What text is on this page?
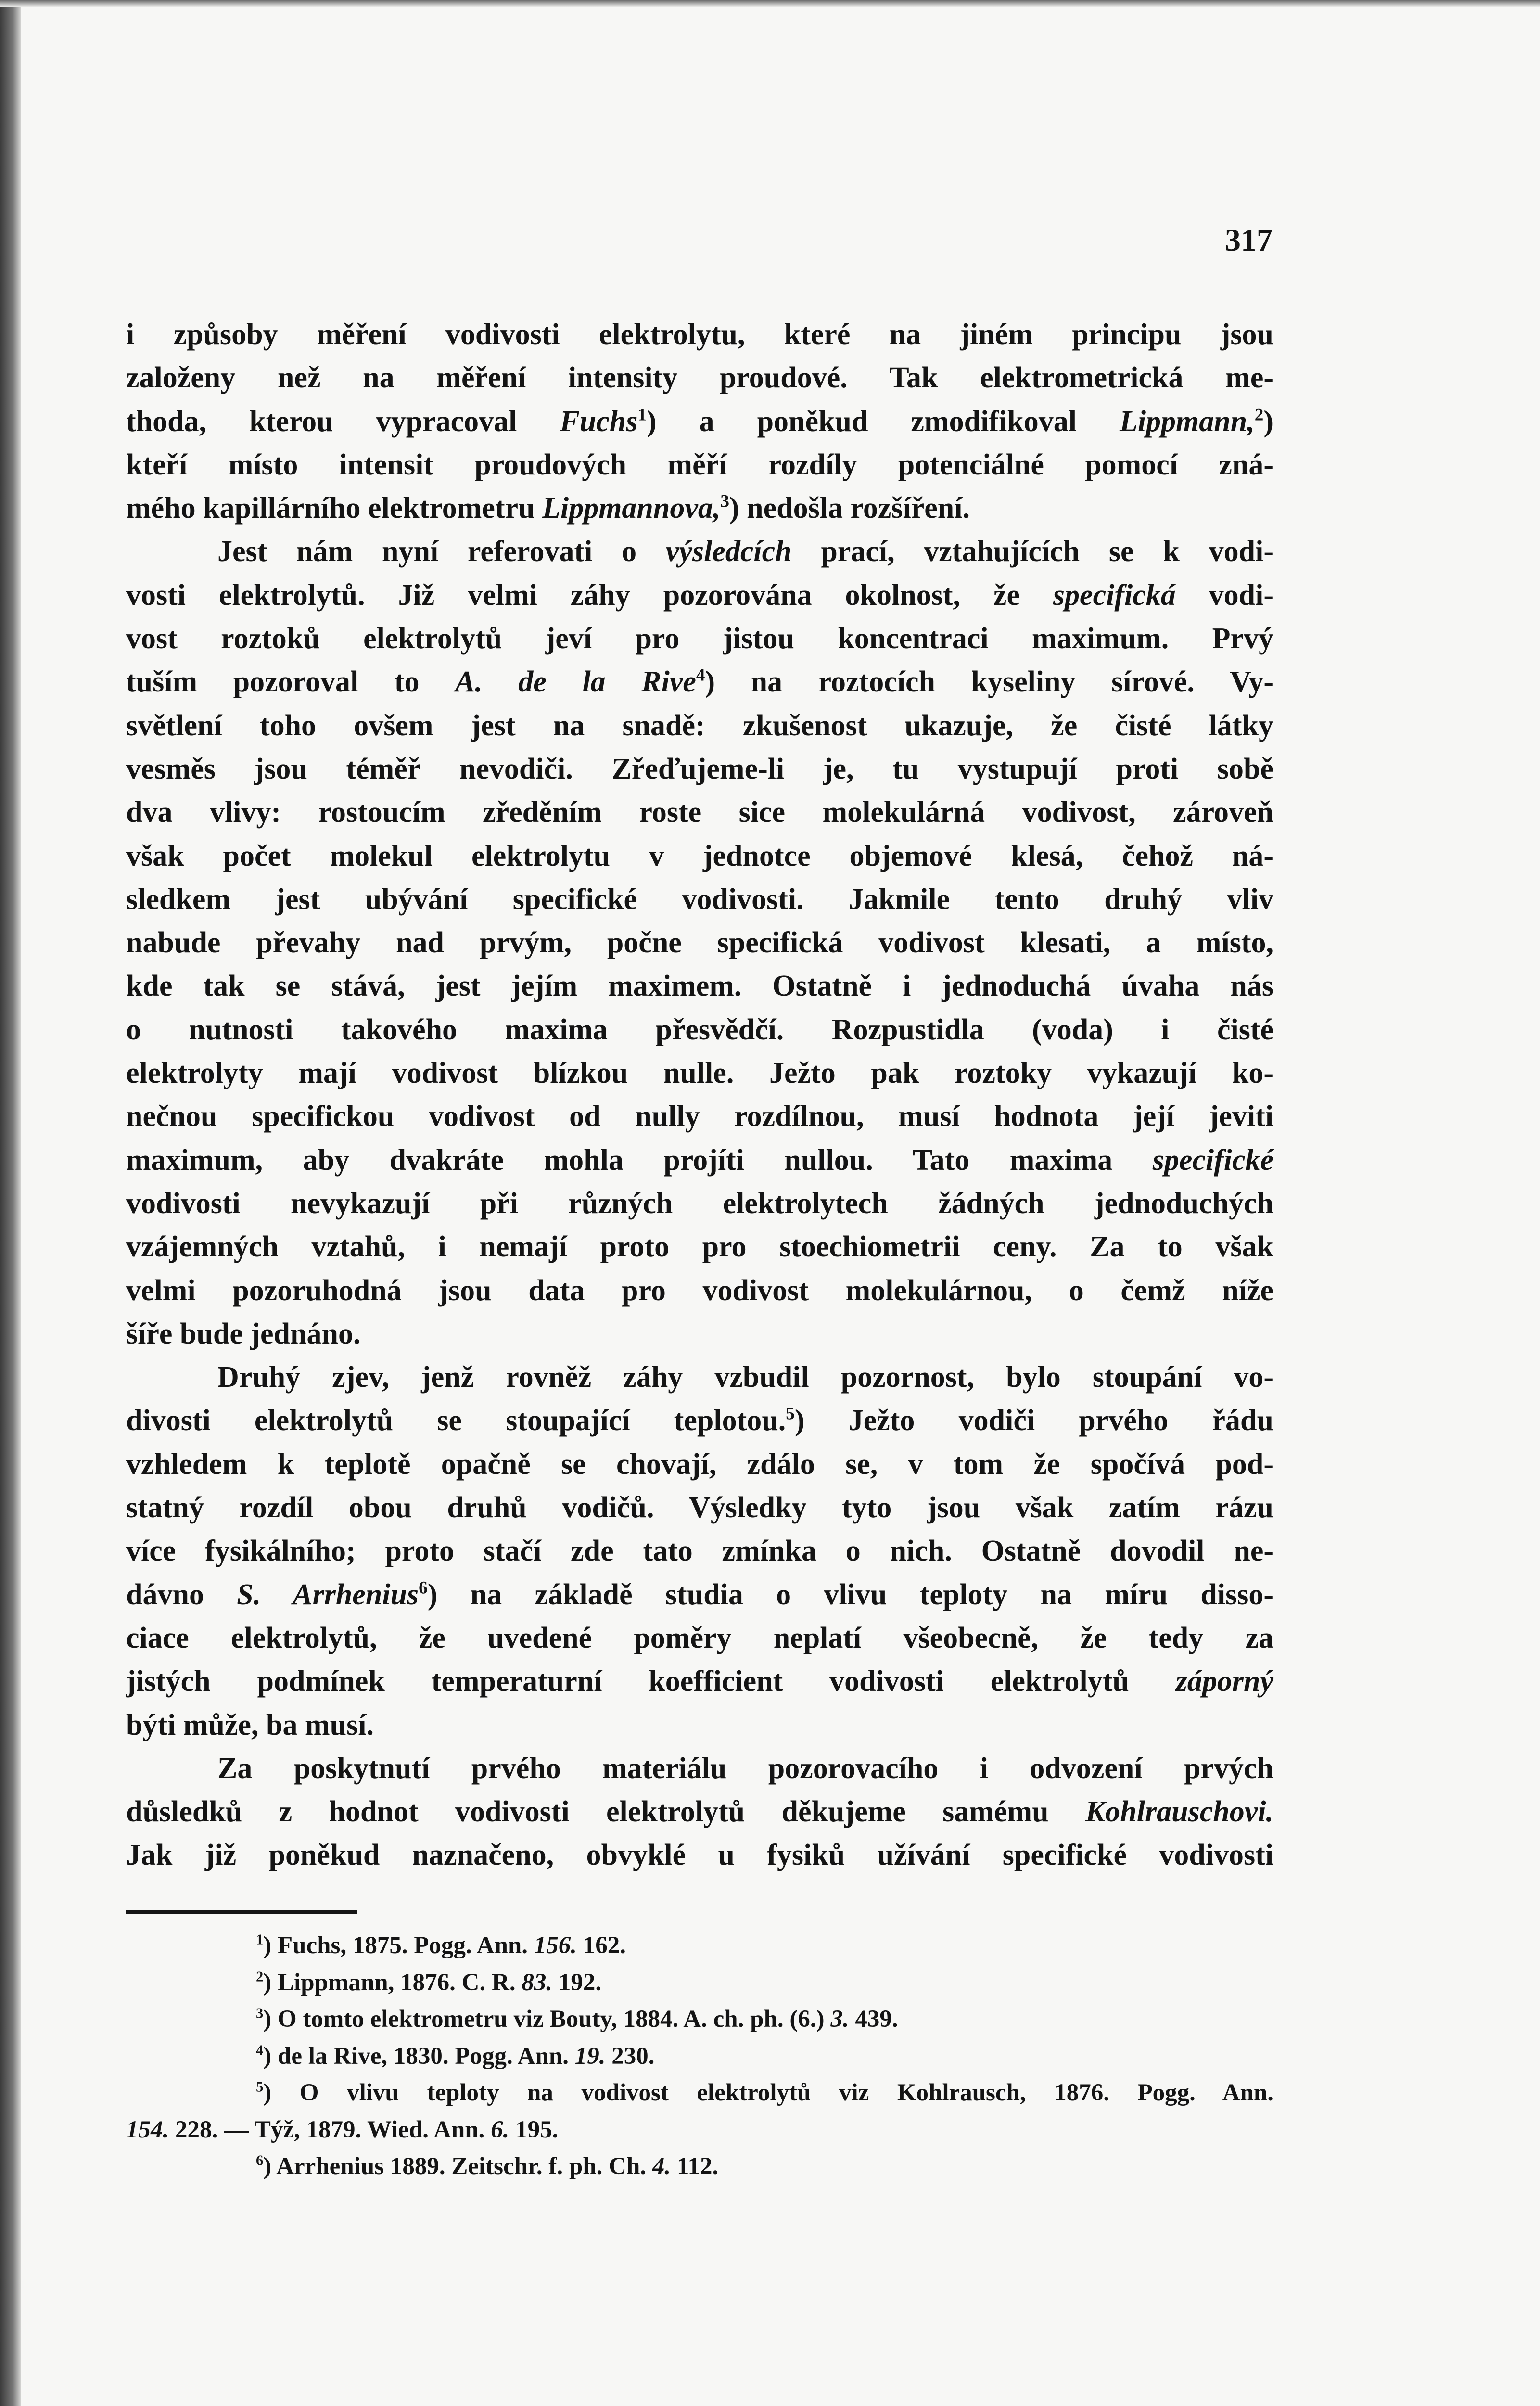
317
i způsoby měření vodivosti elektrolytu, které na jiném principu jsou
založeny než na měření intensity proudové. Tak elektrometrická me-
thoda, kterou vypracoval Fuchs$^1$) a poněkud zmodifikoval Lippmann,$^2$)
kteří místo intensit proudových měří rozdíly potenciálné pomocí zná-
mého kapillárního elektrometru Lippmannova,$^3$) nedošla rozšíření.
Jest nám nyní referovati o výsledcích prací, vztahujících se k vodi-
vosti elektrolytů. Již velmi záhy pozorována okolnost, že specifická vodi-
vost roztoků elektrolytů jeví pro jistou koncentraci maximum. Prvý
tuším pozoroval to A. de la Rive$^4$) na roztocích kyseliny sírové. Vy-
světlení toho ovšem jest na snadě: zkušenost ukazuje, že čisté látky
vesměs jsou téměř nevodiči. Zřeďujeme-li je, tu vystupují proti sobě
dva vlivy: rostoucím zředěním roste sice molekulárná vodivost, zároveň
však počet molekul elektrolytu v jednotce objemové klesá, čehož ná-
sledkem jest ubývání specifické vodivosti. Jakmile tento druhý vliv
nabude převahy nad prvým, počne specifická vodivost klesati, a místo,
kde tak se stává, jest jejím maximem. Ostatně i jednoduchá úvaha nás
o nutnosti takového maxima přesvědčí. Rozpustidla (voda) i čisté
elektrolyty mají vodivost blízkou nulle. Ježto pak roztoky vykazují ko-
nečnou specifickou vodivost od nully rozdílnou, musí hodnota její jeviti
maximum, aby dvakráte mohla projíti nullou. Tato maxima specifické
vodivosti nevykazují při různých elektrolytech žádných jednoduchých
vzájemných vztahů, i nemají proto pro stoechiometrii ceny. Za to však
velmi pozoruhodná jsou data pro vodivost molekulárnou, o čemž níže
šíře bude jednáno.
Druhý zjev, jenž rovněž záhy vzbudil pozornost, bylo stoupání vo-
divosti elektrolytů se stoupající teplotou.$^5$) Ježto vodiči prvého řádu
vzhledem k teplotě opačně se chovají, zdálo se, v tom že spočívá pod-
statný rozdíl obou druhů vodičů. Výsledky tyto jsou však zatím rázu
více fysikálního; proto stačí zde tato zmínka o nich. Ostatně dovodil ne-
dávno S. Arrhenius$^6$) na základě studia o vlivu teploty na míru disso-
ciace elektrolytů, že uvedené poměry neplatí všeobecně, že tedy za
jistých podmínek temperaturní koefficient vodivosti elektrolytů záporný
býti může, ba musí.
Za poskytnutí prvého materiálu pozorovacího i odvození prvých
důsledků z hodnot vodivosti elektrolytů děkujeme samému Kohlrauschovi.
Jak již poněkud naznačeno, obvyklé u fysiků užívání specifické vodivosti
$^1$) Fuchs, 1875. Pogg. Ann. 156. 162.
$^2$) Lippmann, 1876. C. R. 83. 192.
$^3$) O tomto elektrometru viz Bouty, 1884. A. ch. ph. (6.) 3. 439.
$^4$) de la Rive, 1830. Pogg. Ann. 19. 230.
$^5$) O vlivu teploty na vodivost elektrolytů viz Kohlrausch, 1876. Pogg. Ann.
154. 228. — Týž, 1879. Wied. Ann. 6. 195.
$^6$) Arrhenius 1889. Zeitschr. f. ph. Ch. 4. 112.
